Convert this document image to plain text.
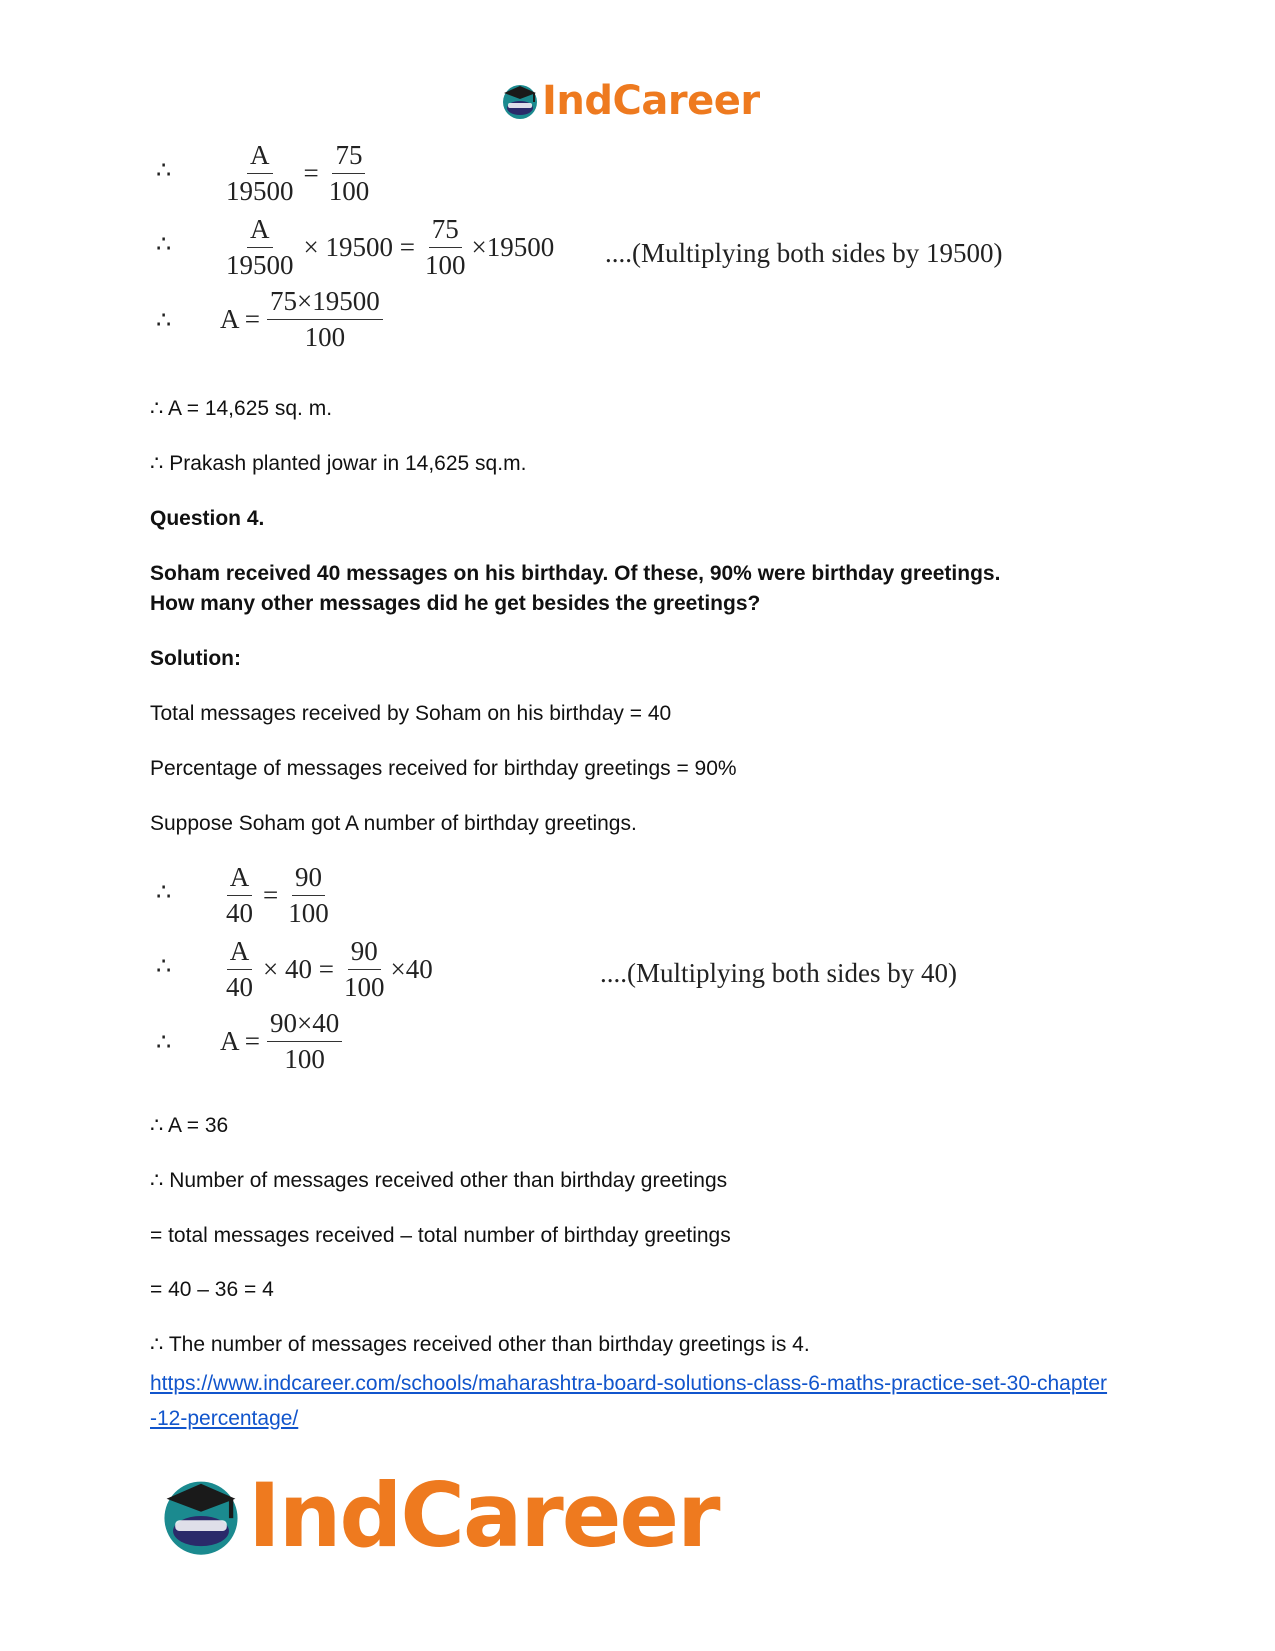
IndCareer
∴ $\frac{A}{19500} = \frac{75}{100}$
∴ $\frac{A}{19500} \times 19500 = \frac{75}{100} \times 19500$
∴ $A = \frac{75\times 19500}{100}$
....(Multiplying both sides by 19500)
∴ A = 14,625 sq. m.
∴ Prakash planted jowar in 14,625 sq.m.
Question 4.
Soham received 40 messages on his birthday. Of these, 90% were birthday greetings.
How many other messages did he get besides the greetings?
Solution:
Total messages received by Soham on his birthday = 40
Percentage of messages received for birthday greetings = 90%
Suppose Soham got A number of birthday greetings.
∴ $\frac{A}{40} = \frac{90}{100}$
∴ $\frac{A}{40} \times 40 = \frac{90}{100} \times 40$
∴ $A = \frac{90\times 40}{100}$
....(Multiplying both sides by 40)
∴ A = 36
∴ Number of messages received other than birthday greetings
= total messages received – total number of birthday greetings
= 40 – 36 = 4
∴ The number of messages received other than birthday greetings is 4.
https://www.indcareer.com/schools/maharashtra-board-solutions-class-6-maths-practice-set-30-chapter-12-percentage/
IndCareer
